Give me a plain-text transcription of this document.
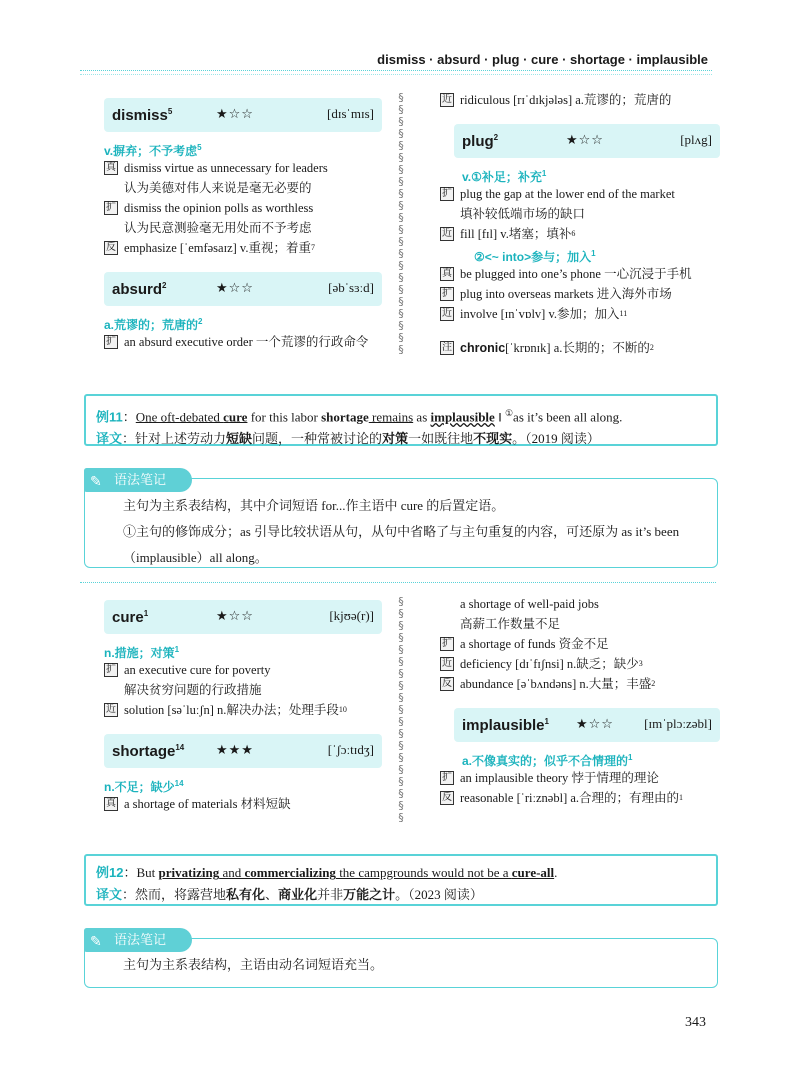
dismiss · absurd · plug · cure · shortage · implausible
dismiss$^5$	★☆☆	[dɪsˈmɪs]
v.摒弃；不予考虑$^5$
真 dismiss virtue as unnecessary for leaders
认为美德对伟人来说是毫无必要的
扩 dismiss the opinion polls as worthless
认为民意测验毫无用处而不予考虑
反 emphasize [ˈemfəsaɪz] v.重视；着重 7
absurd$^2$	★☆☆	[əbˈsɜːd]
a.荒谬的；荒唐的$^2$
扩 an absurd executive order 一个荒谬的行政命令
§
§
§
§
§
§
§
§
§
§
§
§
§
§
§
§
§
§
§
§
§
§
近 ridiculous [rɪˈdɪkjələs] a.荒谬的；荒唐的
plug$^2$	★☆☆	[plʌg]
v.①补足；补充$^1$
扩 plug the gap at the lower end of the market
填补较低端市场的缺口
近 fill [fɪl] v.堵塞；填补 6
②<~ into>参与；加入$^1$
真 be plugged into one’s phone 一心沉浸于手机
扩 plug into overseas markets 进入海外市场
近 involve [ɪnˈvɒlv] v.参加；加入 11
注 chronic [ˈkrɒnɪk] a.长期的；不断的 2
例11：One oft-debated cure for this labor shortage remains as implausible ‖ ①as it’s been all along.
译文：针对上述劳动力短缺问题，一种常被讨论的对策一如既往地不现实。（2019 阅读）
主句为主系表结构，其中介词短语 for...作主语中 cure 的后置定语。
①主句的修饰成分；as 引导比较状语从句，从句中省略了与主句重复的内容，可还原为 as it’s been
（implausible）all along。
✎ 语法笔记
cure$^1$	★☆☆	[kjʊə(r)]
n.措施；对策$^1$
扩 an executive cure for poverty
解决贫穷问题的行政措施
近 solution [səˈluːʃn] n.解决办法；处理手段 10
shortage$^{14}$ ★★★	[ˈʃɔːtɪdʒ]
n.不足；缺少$^{14}$
真 a shortage of materials 材料短缺
§
§
§
§
§
§
§
§
§
§
§
§
§
§
§
§
§
§
§
a shortage of well-paid jobs
高薪工作数量不足
扩 a shortage of funds 资金不足
近 deficiency [dɪˈfɪʃnsi] n.缺乏；缺少 3
反 abundance [əˈbʌndəns] n.大量；丰盛 2
implausible$^1$ ★☆☆ [ɪmˈplɔːzəbl]
a.不像真实的；似乎不合情理的$^1$
扩 an implausible theory 悖于情理的理论
反 reasonable [ˈriːznəbl] a.合理的；有理由的 1
例12：But privatizing and commercializing the campgrounds would not be a cure-all.
译文：然而，将露营地私有化、商业化并非万能之计。（2023 阅读）
主句为主系表结构，主语由动名词短语充当。
✎ 语法笔记
343
